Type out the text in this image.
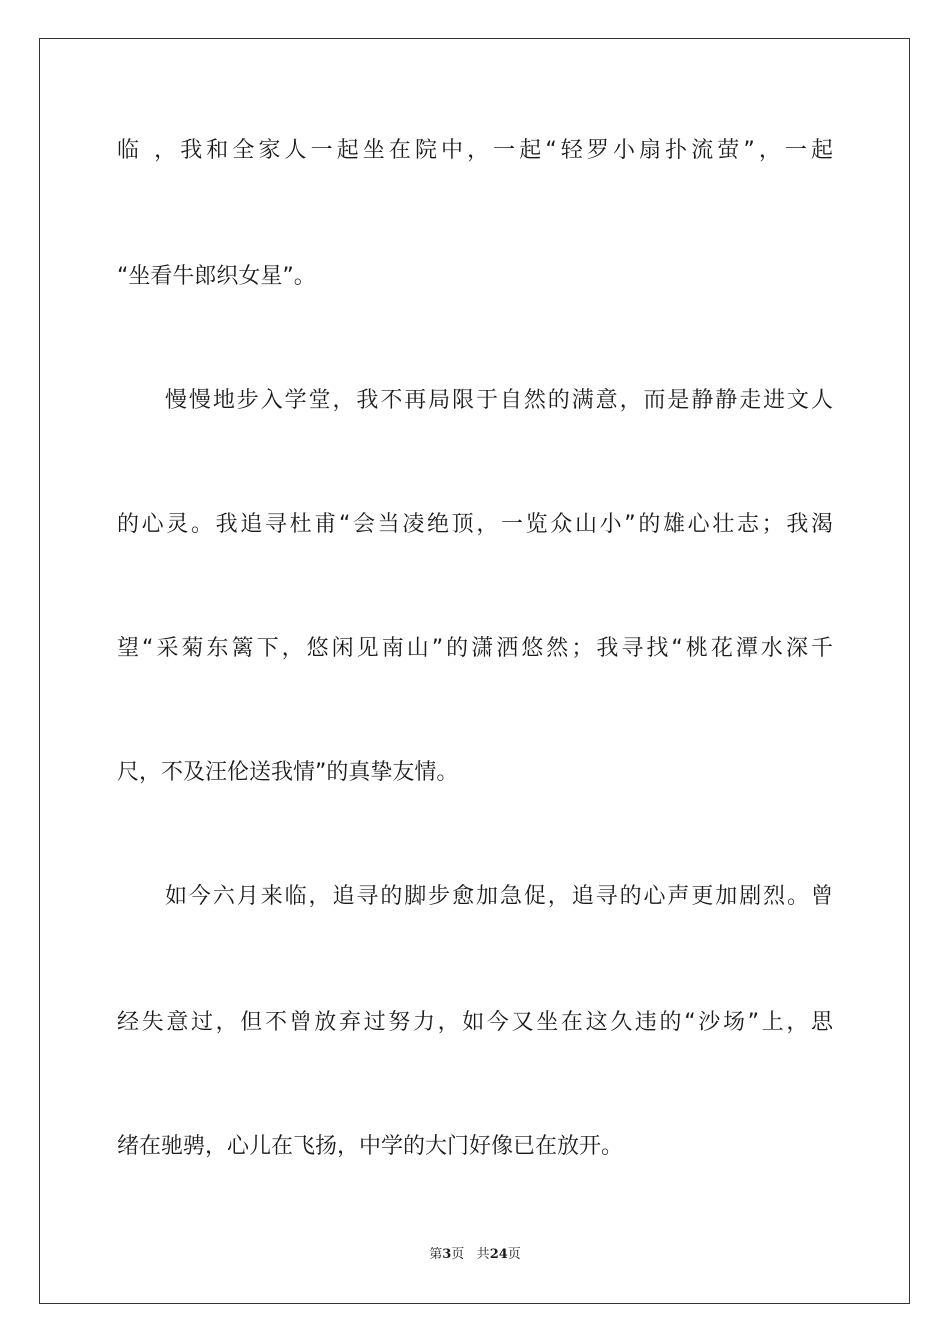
临 ，我和全家人一起坐在院中，一起“轻罗小扇扑流萤”，一起
“坐看牛郎织女星”。
慢慢地步入学堂，我不再局限于自然的满意，而是静静走进文人
的心灵。我追寻杜甫“会当凌绝顶，一览众山小”的雄心壮志；我渴
望“采菊东篱下，悠闲见南山”的潇洒悠然；我寻找“桃花潭水深千
尺，不及汪伦送我情”的真挚友情。
如今六月来临，追寻的脚步愈加急促，追寻的心声更加剧烈。曾
经失意过，但不曾放弃过努力，如今又坐在这久违的“沙场”上，思
绪在驰骋，心儿在飞扬，中学的大门好像已在放开。
第3页 共24页
